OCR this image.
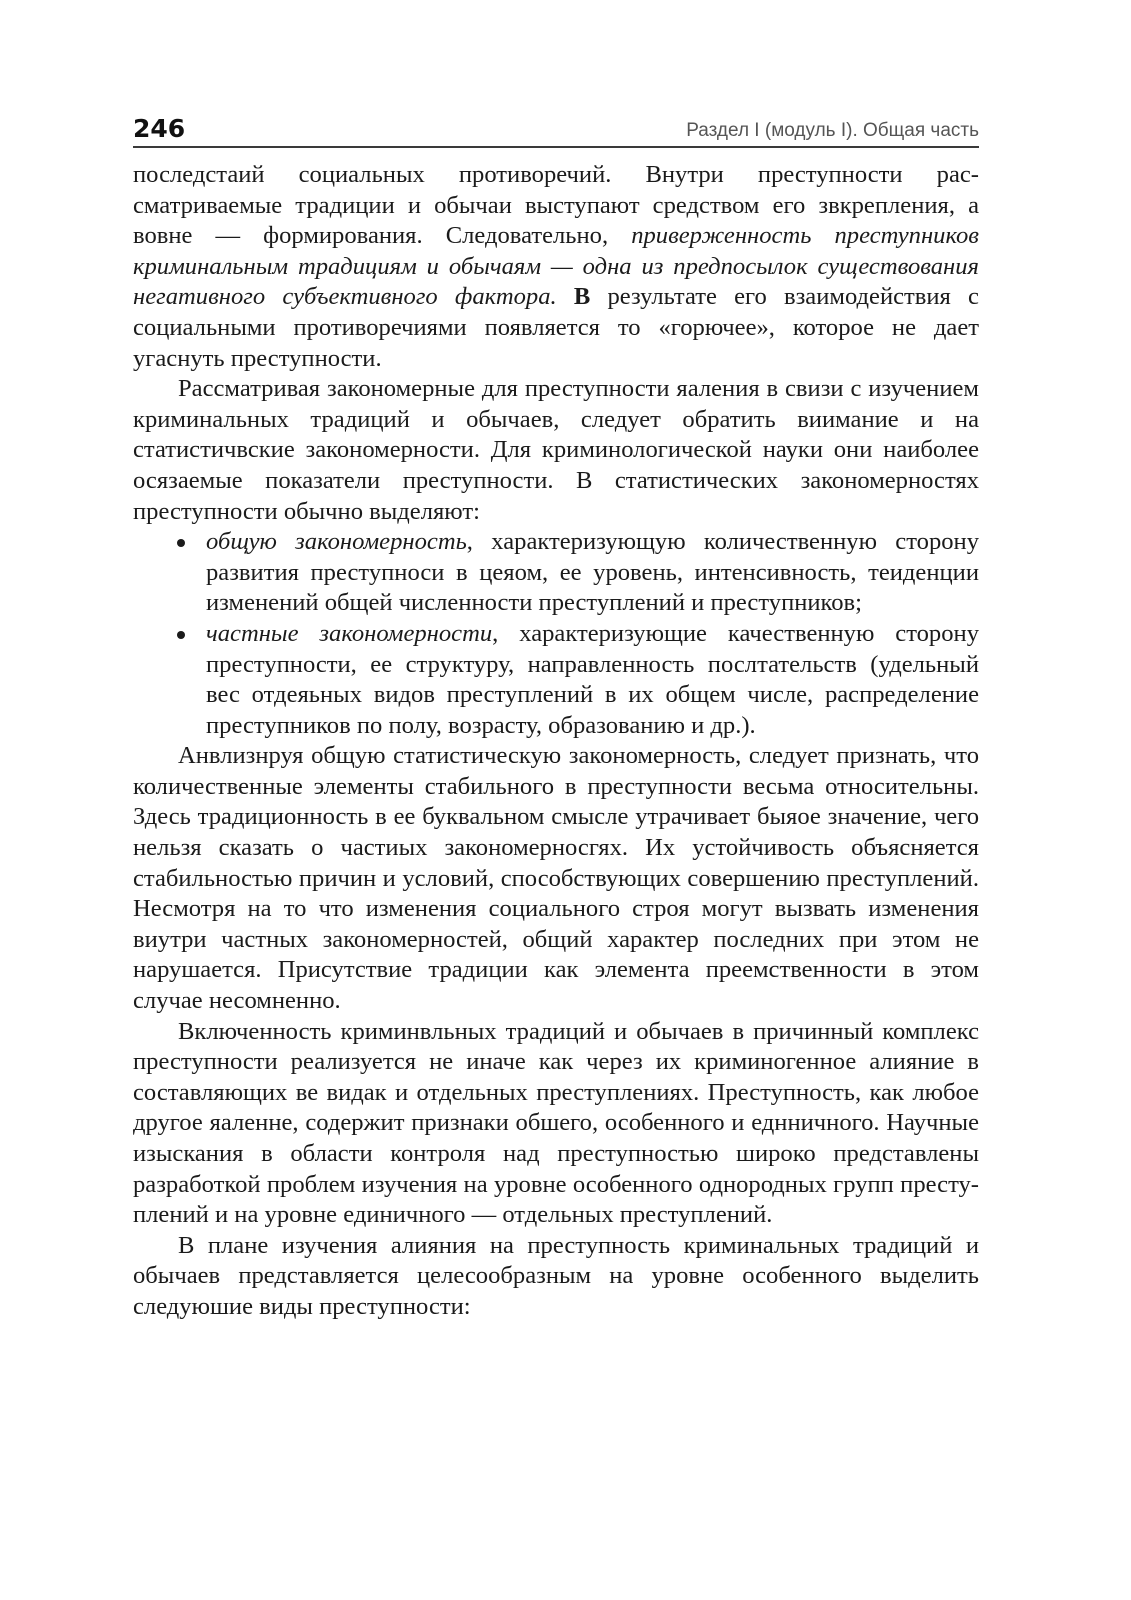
246	Раздел I (модуль I). Общая часть

последстаий социальных противоречий. Внутри преступности рассматриваемые традиции и обычаи выступают средством его звкрепления, а вовне — формирования. Следовательно, приверженность преступников криминальным традициям и обычаям — одна из предпосылок существования негативного субъективного фактора. В результате его взаимодействия с социальными противоречиями появляется то «горючее», которое не дает угаснуть преступности.

Рассматривая закономерные для преступности яаления в свизи с изучением криминальных традиций и обычаев, следует обратить виимание и на статистичвские закономерности. Для криминологической науки они наиболее осязаемые показатели преступности. В статистических закономерностях преступности обычно выделяют:

общую закономерность, характеризующую количественную сторону развития преступноси в цеяом, ее уровень, интенсивность, теиденции изменений общей численности преступлений и преступников;
частные закономерности, характеризующие качественную сторону преступности, ее структуру, направленность послтательств (удельный вес отдеяьных видов преступлений в их общем числе, распределение преступников по полу, возрасту, образованию и др.).

Анвлизнруя общую статистическую закономерность, следует признать, что количественные элементы стабильного в преступности весьма относительны. Здесь традиционность в ее буквальном смысле утрачивает быяое значение, чего нельзя сказать о частиых закономерносгях. Их устойчивость объясняется стабильностью причин и условий, способствующих совершению преступлений. Несмотря на то что изменения социального строя могут вызвать изменения виутри частных закономерностей, общий характер последних при этом не нарушается. Присутствие традиции как элемента преемственности в этом случае несомненно.

Включенность криминвльных традиций и обычаев в причинный комплекс преступности реализуется не иначе как через их криминогенное алияние в составляющих ве видак и отдельных преступлениях. Преступность, как любое другое яаленне, содержит признаки обшего, особенного и еднничного. Научные изыскания в области контроля над преступностью широко представлены разработкой проблем изучения на уровне особенного однородных групп преступлений и на уровне единичного — отдельных преступлений.

В плане изучения алияния на преступность криминальных традиций и обычаев представляется целесообразным на уровне особенного выделить следуюшие виды преступности:
